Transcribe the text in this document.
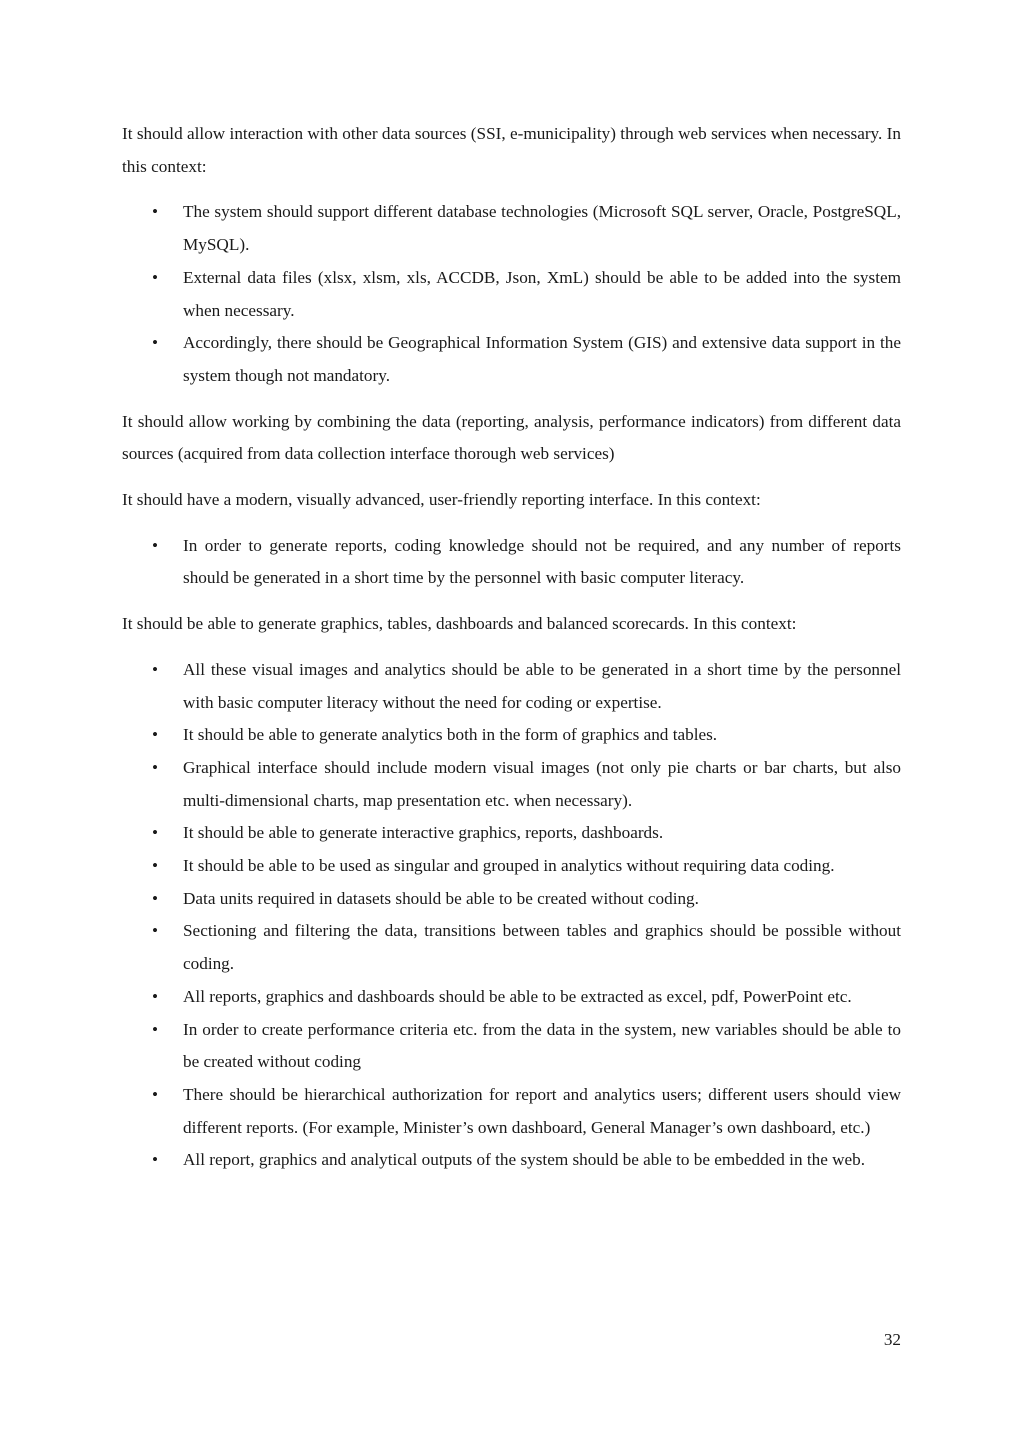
It should allow interaction with other data sources (SSI, e-municipality) through web services when necessary. In this context:

• The system should support different database technologies (Microsoft SQL server, Oracle, PostgreSQL, MySQL).
• External data files (xlsx, xlsm, xls, ACCDB, Json, XmL) should be able to be added into the system when necessary.
• Accordingly, there should be Geographical Information System (GIS) and extensive data support in the system though not mandatory.

It should allow working by combining the data (reporting, analysis, performance indicators) from different data sources (acquired from data collection interface thorough web services)

It should have a modern, visually advanced, user-friendly reporting interface. In this context:

• In order to generate reports, coding knowledge should not be required, and any number of reports should be generated in a short time by the personnel with basic computer literacy.

It should be able to generate graphics, tables, dashboards and balanced scorecards. In this context:

• All these visual images and analytics should be able to be generated in a short time by the personnel with basic computer literacy without the need for coding or expertise.
• It should be able to generate analytics both in the form of graphics and tables.
• Graphical interface should include modern visual images (not only pie charts or bar charts, but also multi-dimensional charts, map presentation etc. when necessary).
• It should be able to generate interactive graphics, reports, dashboards.
• It should be able to be used as singular and grouped in analytics without requiring data coding.
• Data units required in datasets should be able to be created without coding.
• Sectioning and filtering the data, transitions between tables and graphics should be possible without coding.
• All reports, graphics and dashboards should be able to be extracted as excel, pdf, PowerPoint etc.
• In order to create performance criteria etc. from the data in the system, new variables should be able to be created without coding
• There should be hierarchical authorization for report and analytics users; different users should view different reports. (For example, Minister’s own dashboard, General Manager’s own dashboard, etc.)
• All report, graphics and analytical outputs of the system should be able to be embedded in the web.
32
